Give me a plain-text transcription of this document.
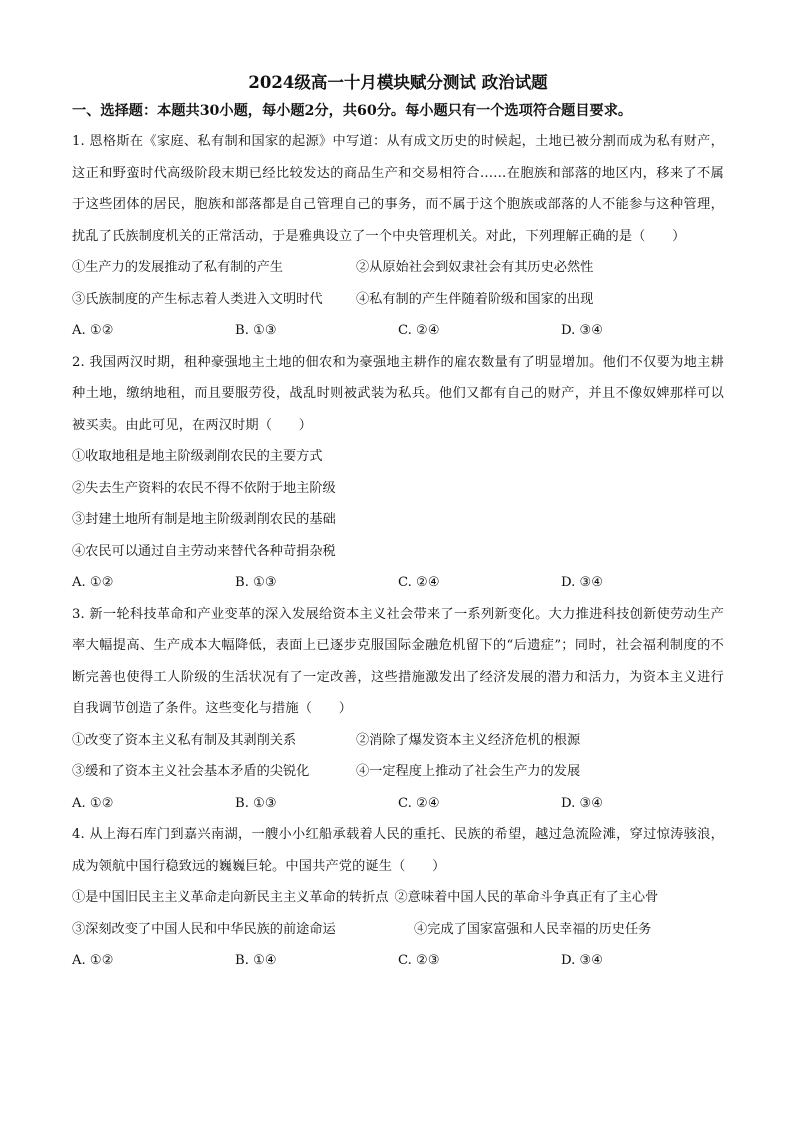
2024级高一十月模块赋分测试 政治试题
一、选择题：本题共30小题，每小题2分，共60分。每小题只有一个选项符合题目要求。

1. 恩格斯在《家庭、私有制和国家的起源》中写道：从有成文历史的时候起，土地已被分割而成为私有财产，这正和野蛮时代高级阶段末期已经比较发达的商品生产和交易相符合……在胞族和部落的地区内，移来了不属于这些团体的居民，胞族和部落都是自己管理自己的事务，而不属于这个胞族或部落的人不能参与这种管理，扰乱了氏族制度机关的正常活动，于是雅典设立了一个中央管理机关。对此，下列理解正确的是（　　）

①生产力的发展推动了私有制的产生	②从原始社会到奴隶社会有其历史必然性
③氏族制度的产生标志着人类进入文明时代	④私有制的产生伴随着阶级和国家的出现
A. ①②	B. ①③	C. ②④	D. ③④

2. 我国两汉时期，租种豪强地主土地的佃农和为豪强地主耕作的雇农数量有了明显增加。他们不仅要为地主耕种土地，缴纳地租，而且要服劳役，战乱时则被武装为私兵。他们又都有自己的财产，并且不像奴婢那样可以被买卖。由此可见，在两汉时期（　　）

①收取地租是地主阶级剥削农民的主要方式
②失去生产资料的农民不得不依附于地主阶级
③封建土地所有制是地主阶级剥削农民的基础
④农民可以通过自主劳动来替代各种苛捐杂税
A. ①②	B. ①③	C. ②④	D. ③④

3. 新一轮科技革命和产业变革的深入发展给资本主义社会带来了一系列新变化。大力推进科技创新使劳动生产率大幅提高、生产成本大幅降低，表面上已逐步克服国际金融危机留下的“后遗症”；同时，社会福利制度的不断完善也使得工人阶级的生活状况有了一定改善，这些措施激发出了经济发展的潜力和活力，为资本主义进行自我调节创造了条件。这些变化与措施（　　）

①改变了资本主义私有制及其剥削关系	②消除了爆发资本主义经济危机的根源
③缓和了资本主义社会基本矛盾的尖锐化	④一定程度上推动了社会生产力的发展
A. ①②	B. ①③	C. ②④	D. ③④

4. 从上海石库门到嘉兴南湖，一艘小小红船承载着人民的重托、民族的希望，越过急流险滩，穿过惊涛骇浪，成为领航中国行稳致远的巍巍巨轮。中国共产党的诞生（　　）

①是中国旧民主主义革命走向新民主主义革命的转折点 ②意味着中国人民的革命斗争真正有了主心骨
③深刻改变了中国人民和中华民族的前途命运	④完成了国家富强和人民幸福的历史任务
A. ①②	B. ①④	C. ②③	D. ③④
